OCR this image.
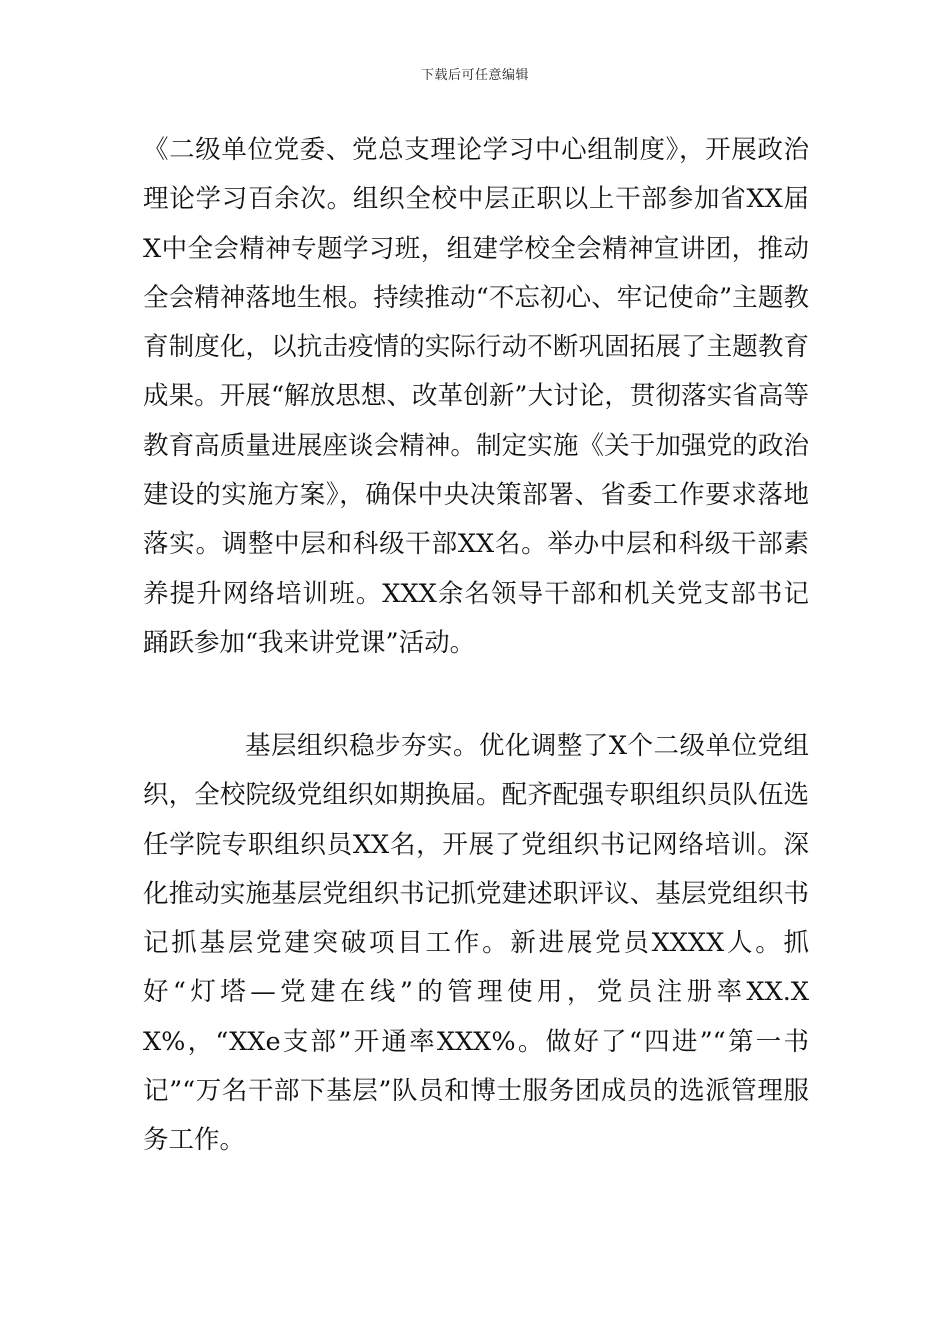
下载后可任意编辑

《二级单位党委、党总支理论学习中心组制度》，开展政治理论学习百余次。组织全校中层正职以上干部参加省XX届X中全会精神专题学习班，组建学校全会精神宣讲团，推动全会精神落地生根。持续推动“不忘初心、牢记使命”主题教育制度化，以抗击疫情的实际行动不断巩固拓展了主题教育成果。开展“解放思想、改革创新”大讨论，贯彻落实省高等教育高质量进展座谈会精神。制定实施《关于加强党的政治建设的实施方案》，确保中央决策部署、省委工作要求落地落实。调整中层和科级干部XX名。举办中层和科级干部素养提升网络培训班。XXX余名领导干部和机关党支部书记踊跃参加“我来讲党课”活动。

基层组织稳步夯实。优化调整了X个二级单位党组织，全校院级党组织如期换届。配齐配强专职组织员队伍选任学院专职组织员XX名，开展了党组织书记网络培训。深化推动实施基层党组织书记抓党建述职评议、基层党组织书记抓基层党建突破项目工作。新进展党员XXXX人。抓好“灯塔—党建在线”的管理使用，党员注册率XX.XX%，“XXe支部”开通率XXX%。做好了“四进”“第一书记”“万名干部下基层”队员和博士服务团成员的选派管理服务工作。
